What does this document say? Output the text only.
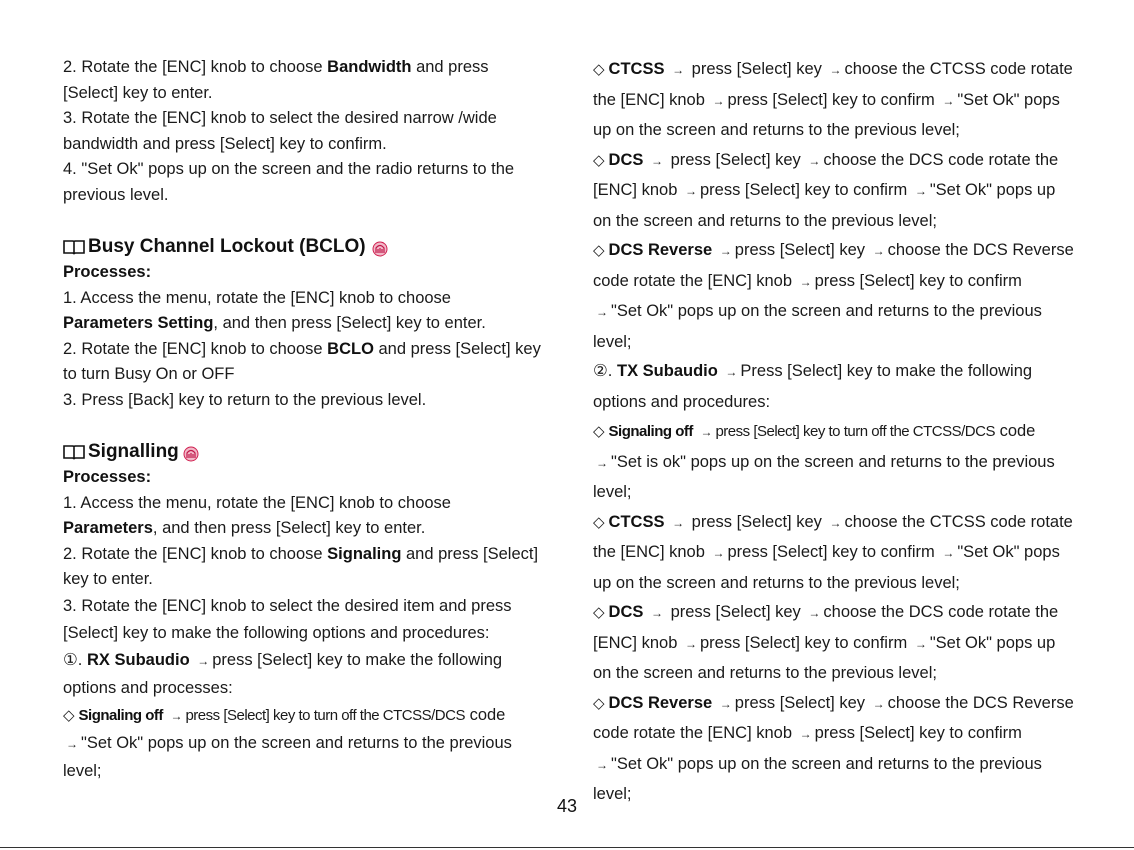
2. Rotate the [ENC] knob to choose Bandwidth and press [Select] key to enter.

3. Rotate the [ENC] knob to select the desired narrow /wide bandwidth and press [Select] key to confirm.

4. "Set Ok" pops up on the screen and the radio returns to the previous level.

Busy Channel Lockout (BCLO)

Processes:

1. Access the menu, rotate the [ENC] knob to choose Parameters Setting, and then press [Select] key to enter.

2. Rotate the [ENC] knob to choose BCLO and press [Select] key to turn Busy On or OFF

3. Press [Back] key to return to the previous level.

Signalling

Processes:

1. Access the menu, rotate the [ENC] knob to choose Parameters, and then press [Select] key to enter.

2. Rotate the [ENC] knob to choose Signaling and press [Select] key to enter.

3. Rotate the [ENC] knob to select the desired item and press [Select] key to make the following options and procedures:

①. RX Subaudio → press [Select] key to make the following options and processes:

◇ Signaling off → press [Select] key to turn off the CTCSS/DCS code → "Set Ok" pops up on the screen and returns to the previous level;

◇ CTCSS → press [Select] key → choose the CTCSS code rotate the [ENC] knob → press [Select] key to confirm → "Set Ok" pops up on the screen and returns to the previous level;

◇ DCS → press [Select] key → choose the DCS code rotate the [ENC] knob → press [Select] key to confirm → "Set Ok" pops up on the screen and returns to the previous level;

◇ DCS Reverse → press [Select] key → choose the DCS Reverse code rotate the [ENC] knob → press [Select] key to confirm → "Set Ok" pops up on the screen and returns to the previous level;

②. TX Subaudio → Press [Select] key to make the following options and procedures:

◇ Signaling off → press [Select] key to turn off the CTCSS/DCS code → "Set is ok" pops up on the screen and returns to the previous level;

◇ CTCSS → press [Select] key → choose the CTCSS code rotate the [ENC] knob → press [Select] key to confirm → "Set Ok" pops up on the screen and returns to the previous level;

◇ DCS → press [Select] key → choose the DCS code rotate the [ENC] knob → press [Select] key to confirm → "Set Ok" pops up on the screen and returns to the previous level;

◇ DCS Reverse → press [Select] key → choose the DCS Reverse code rotate the [ENC] knob → press [Select] key to confirm → "Set Ok" pops up on the screen and returns to the previous level;

43
